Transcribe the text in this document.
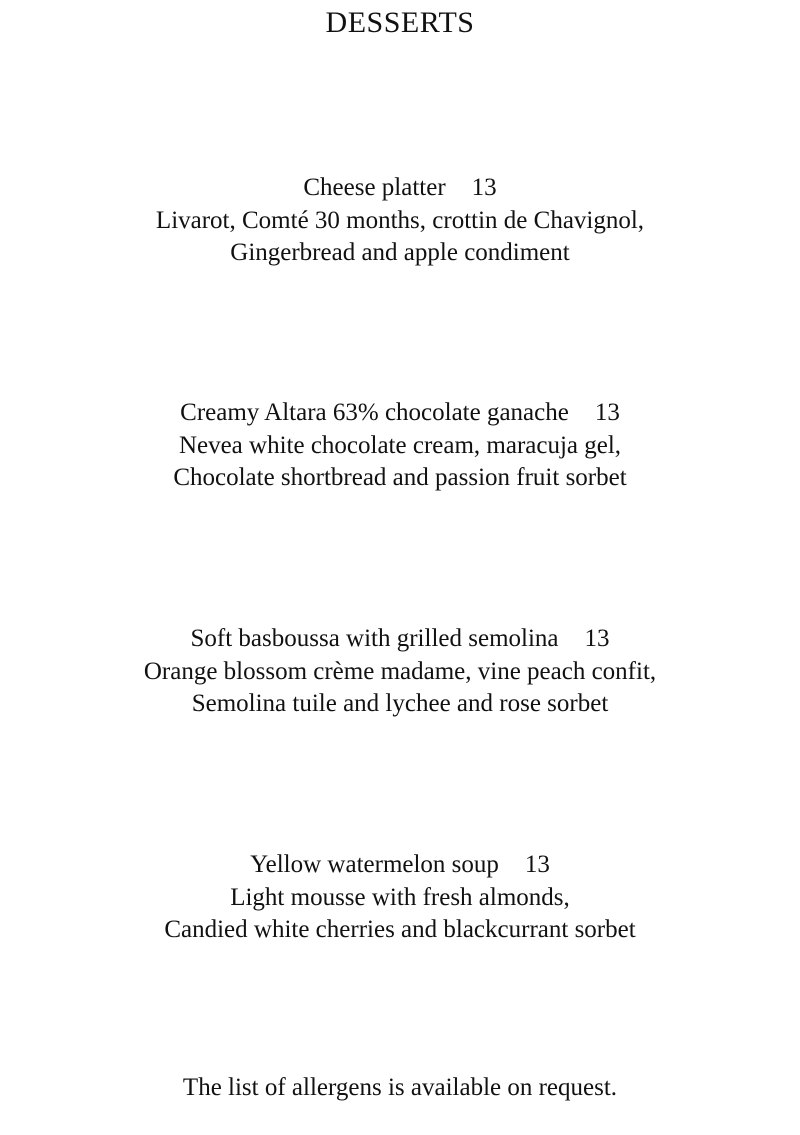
DESSERTS
Cheese platter 13
Livarot, Comté 30 months, crottin de Chavignol,
Gingerbread and apple condiment
Creamy Altara 63% chocolate ganache 13
Nevea white chocolate cream, maracuja gel,
Chocolate shortbread and passion fruit sorbet
Soft basboussa with grilled semolina 13
Orange blossom crème madame, vine peach confit,
Semolina tuile and lychee and rose sorbet
Yellow watermelon soup 13
Light mousse with fresh almonds,
Candied white cherries and blackcurrant sorbet
The list of allergens is available on request.
